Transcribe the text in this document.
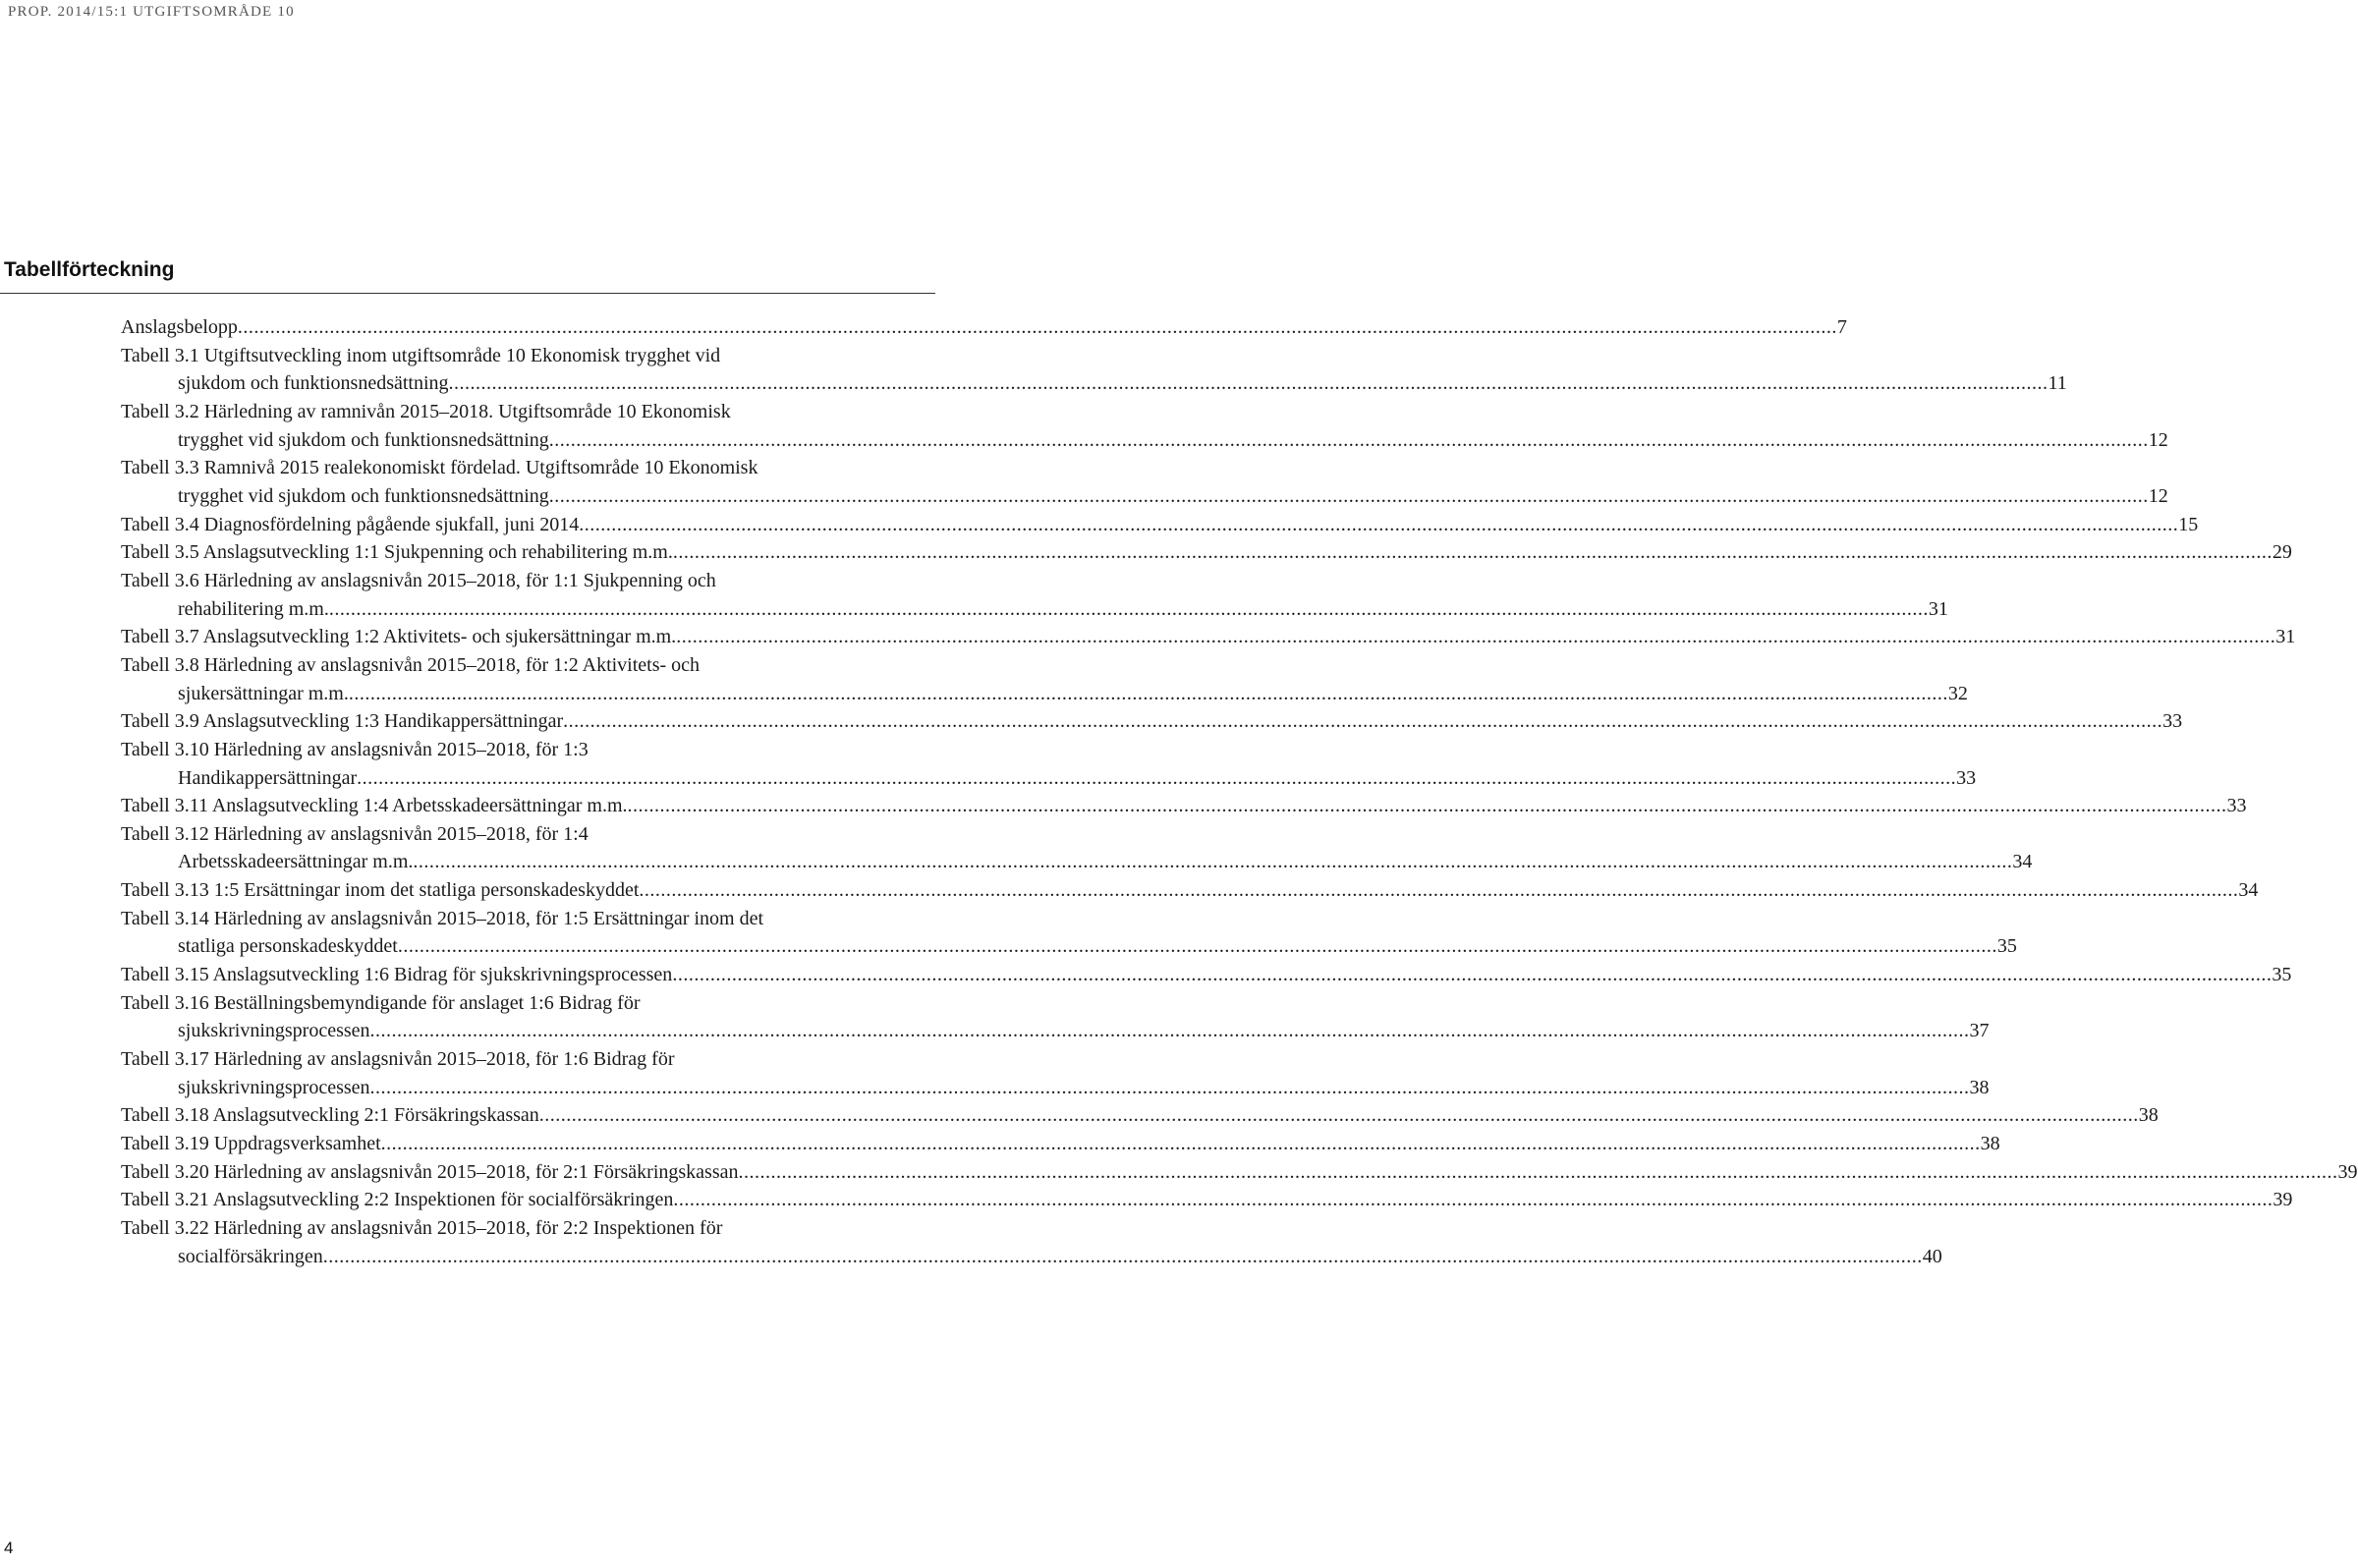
PROP. 2014/15:1 UTGIFTSOMRÅDE 10
Tabellförteckning
Anslagsbelopp .....	7
Tabell 3.1 Utgiftsutveckling inom utgiftsområde 10 Ekonomisk trygghet vid
sjukdom och funktionsnedsättning .....	11
Tabell 3.2 Härledning av ramnivån 2015–2018. Utgiftsområde 10 Ekonomisk
trygghet vid sjukdom och funktionsnedsättning .....	12
Tabell 3.3 Ramnivå 2015 realekonomiskt fördelad. Utgiftsområde 10 Ekonomisk
trygghet vid sjukdom och funktionsnedsättning .....	12
Tabell 3.4 Diagnosfördelning pågående sjukfall, juni 2014 .....	15
Tabell 3.5 Anslagsutveckling 1:1 Sjukpenning och rehabilitering m.m. .....	29
Tabell 3.6 Härledning av anslagsnivån 2015–2018, för 1:1 Sjukpenning och
rehabilitering m.m. .....	31
Tabell 3.7 Anslagsutveckling 1:2 Aktivitets- och sjukersättningar m.m. .....	31
Tabell 3.8 Härledning av anslagsnivån 2015–2018, för 1:2 Aktivitets- och
sjukersättningar m.m. .....	32
Tabell 3.9 Anslagsutveckling 1:3 Handikappersättningar .....	33
Tabell 3.10 Härledning av anslagsnivån 2015–2018, för 1:3
Handikappersättningar .....	33
Tabell 3.11 Anslagsutveckling 1:4 Arbetsskadeersättningar m.m. .....	33
Tabell 3.12 Härledning av anslagsnivån 2015–2018, för 1:4
Arbetsskadeersättningar m.m. .....	34
Tabell 3.13 1:5 Ersättningar inom det statliga personskadeskyddet .....	34
Tabell 3.14 Härledning av anslagsnivån 2015–2018, för 1:5 Ersättningar inom det
statliga personskadeskyddet .....	35
Tabell 3.15 Anslagsutveckling 1:6 Bidrag för sjukskrivningsprocessen .....	35
Tabell 3.16 Beställningsbemyndigande för anslaget 1:6 Bidrag för
sjukskrivningsprocessen .....	37
Tabell 3.17 Härledning av anslagsnivån 2015–2018, för 1:6 Bidrag för
sjukskrivningsprocessen .....	38
Tabell 3.18 Anslagsutveckling 2:1 Försäkringskassan .....	38
Tabell 3.19 Uppdragsverksamhet .....	38
Tabell 3.20 Härledning av anslagsnivån 2015–2018, för 2:1 Försäkringskassan .....	39
Tabell 3.21 Anslagsutveckling 2:2 Inspektionen för socialförsäkringen .....	39
Tabell 3.22 Härledning av anslagsnivån 2015–2018, för 2:2 Inspektionen för
socialförsäkringen .....	40
4
